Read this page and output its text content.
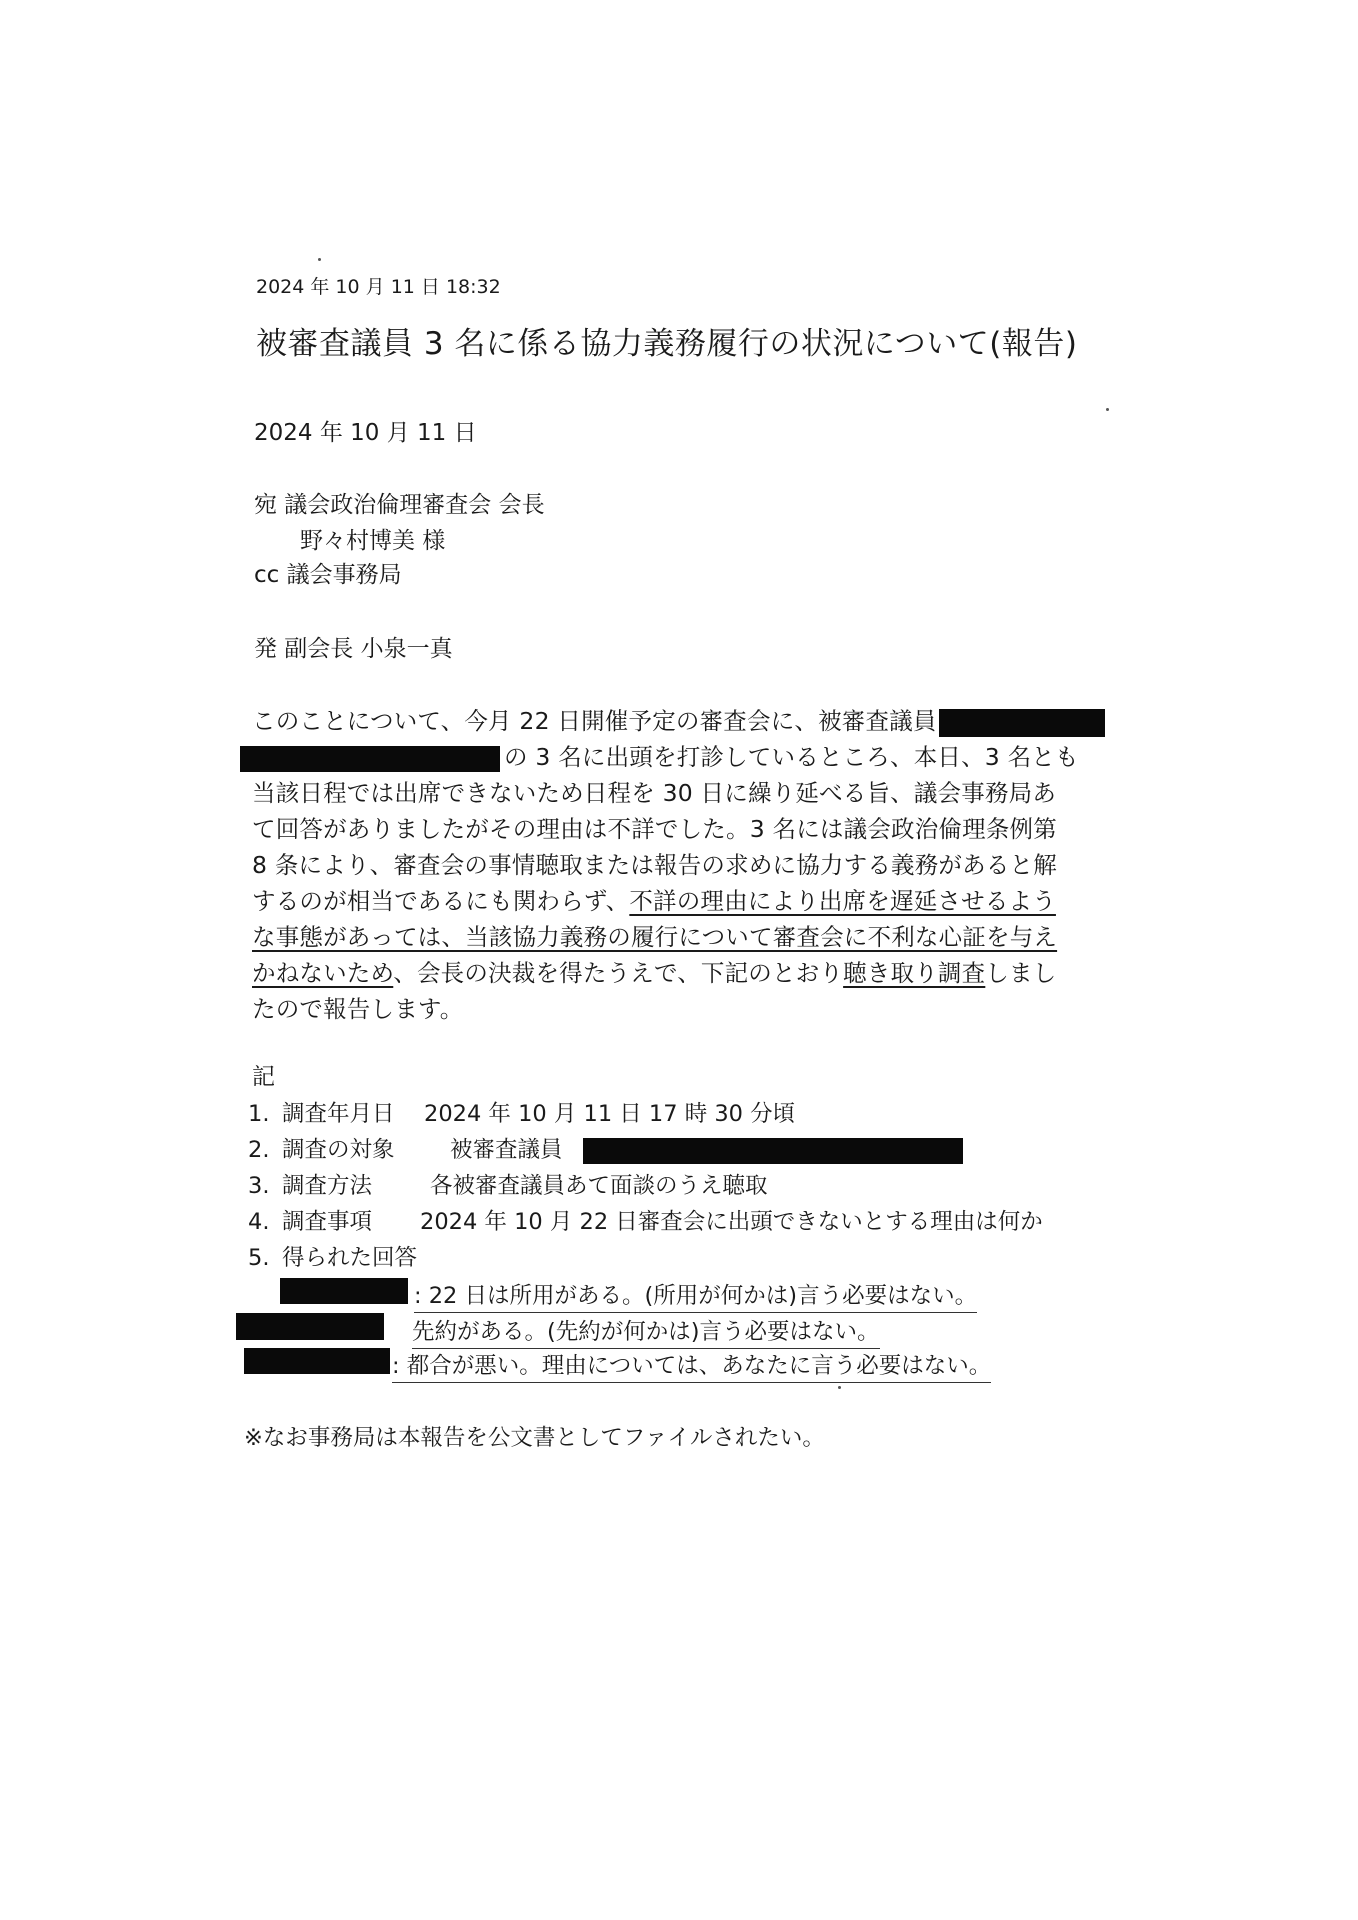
2024 年 10 月 11 日 18:32
被審査議員 3 名に係る協力義務履行の状況について(報告)
2024 年 10 月 11 日
宛 議会政治倫理審査会 会長
野々村博美 様
cc 議会事務局
発 副会長 小泉一真
このことについて、今月 22 日開催予定の審査会に、被審査議員
の 3 名に出頭を打診しているところ、本日、3 名とも
当該日程では出席できないため日程を 30 日に繰り延べる旨、議会事務局あ
て回答がありましたがその理由は不詳でした。3 名には議会政治倫理条例第
8 条により、審査会の事情聴取または報告の求めに協力する義務があると解
するのが相当であるにも関わらず、不詳の理由により出席を遅延させるよう
な事態があっては、当該協力義務の履行について審査会に不利な心証を与え
かねないため、会長の決裁を得たうえで、下記のとおり聴き取り調査しまし
たので報告します。
記
1. 調査年月日 2024 年 10 月 11 日 17 時 30 分頃
2. 調査の対象 被審査議員
3. 調査方法	各被審査議員あて面談のうえ聴取
4. 調査事項 2024 年 10 月 22 日審査会に出頭できないとする理由は何か
5. 得られた回答
: 22 日は所用がある。(所用が何かは)言う必要はない。
先約がある。(先約が何かは)言う必要はない。
: 都合が悪い。理由については、あなたに言う必要はない。
※なお事務局は本報告を公文書としてファイルされたい。
